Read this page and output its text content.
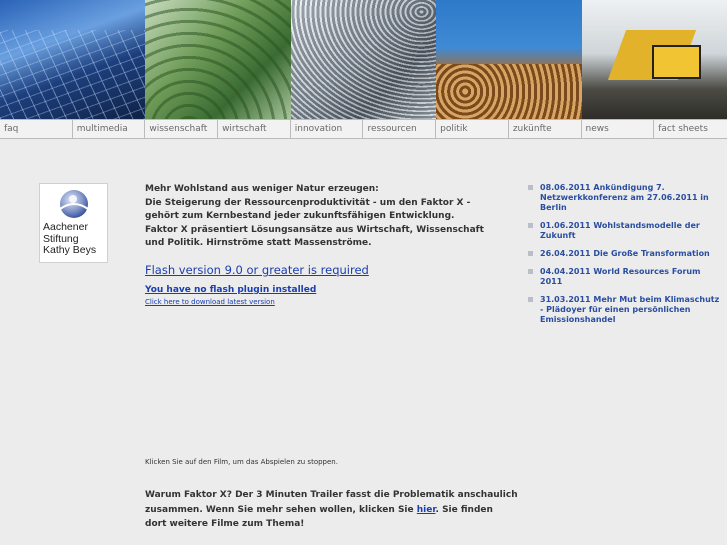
faq	multimedia	wissenschaft	wirtschaft	innovation	ressourcen	politik	zukünfte	news	fact sheets
Aachener
Stiftung
Kathy Beys
Mehr Wohlstand aus weniger Natur erzeugen:
Die Steigerung der Ressourcenproduktivität - um den Faktor X -
gehört zum Kernbestand jeder zukunftsfähigen Entwicklung.
Faktor X präsentiert Lösungsansätze aus Wirtschaft, Wissenschaft
und Politik. Hirnströme statt Massenströme.
Flash version 9.0 or greater is required
You have no flash plugin installed
Click here to download latest version
Klicken Sie auf den Film, um das Abspielen zu stoppen.
Warum Faktor X? Der 3 Minuten Trailer fasst die Problematik anschaulich
zusammen. Wenn Sie mehr sehen wollen, klicken Sie hier. Sie finden
dort weitere Filme zum Thema!
08.06.2011 Ankündigung 7. Netzwerkkonferenz am 27.06.2011 in Berlin
01.06.2011 Wohlstandsmodelle der Zukunft
26.04.2011 Die Große Transformation
04.04.2011 World Resources Forum 2011
31.03.2011 Mehr Mut beim Klimaschutz - Plädoyer für einen persönlichen Emissionshandel
